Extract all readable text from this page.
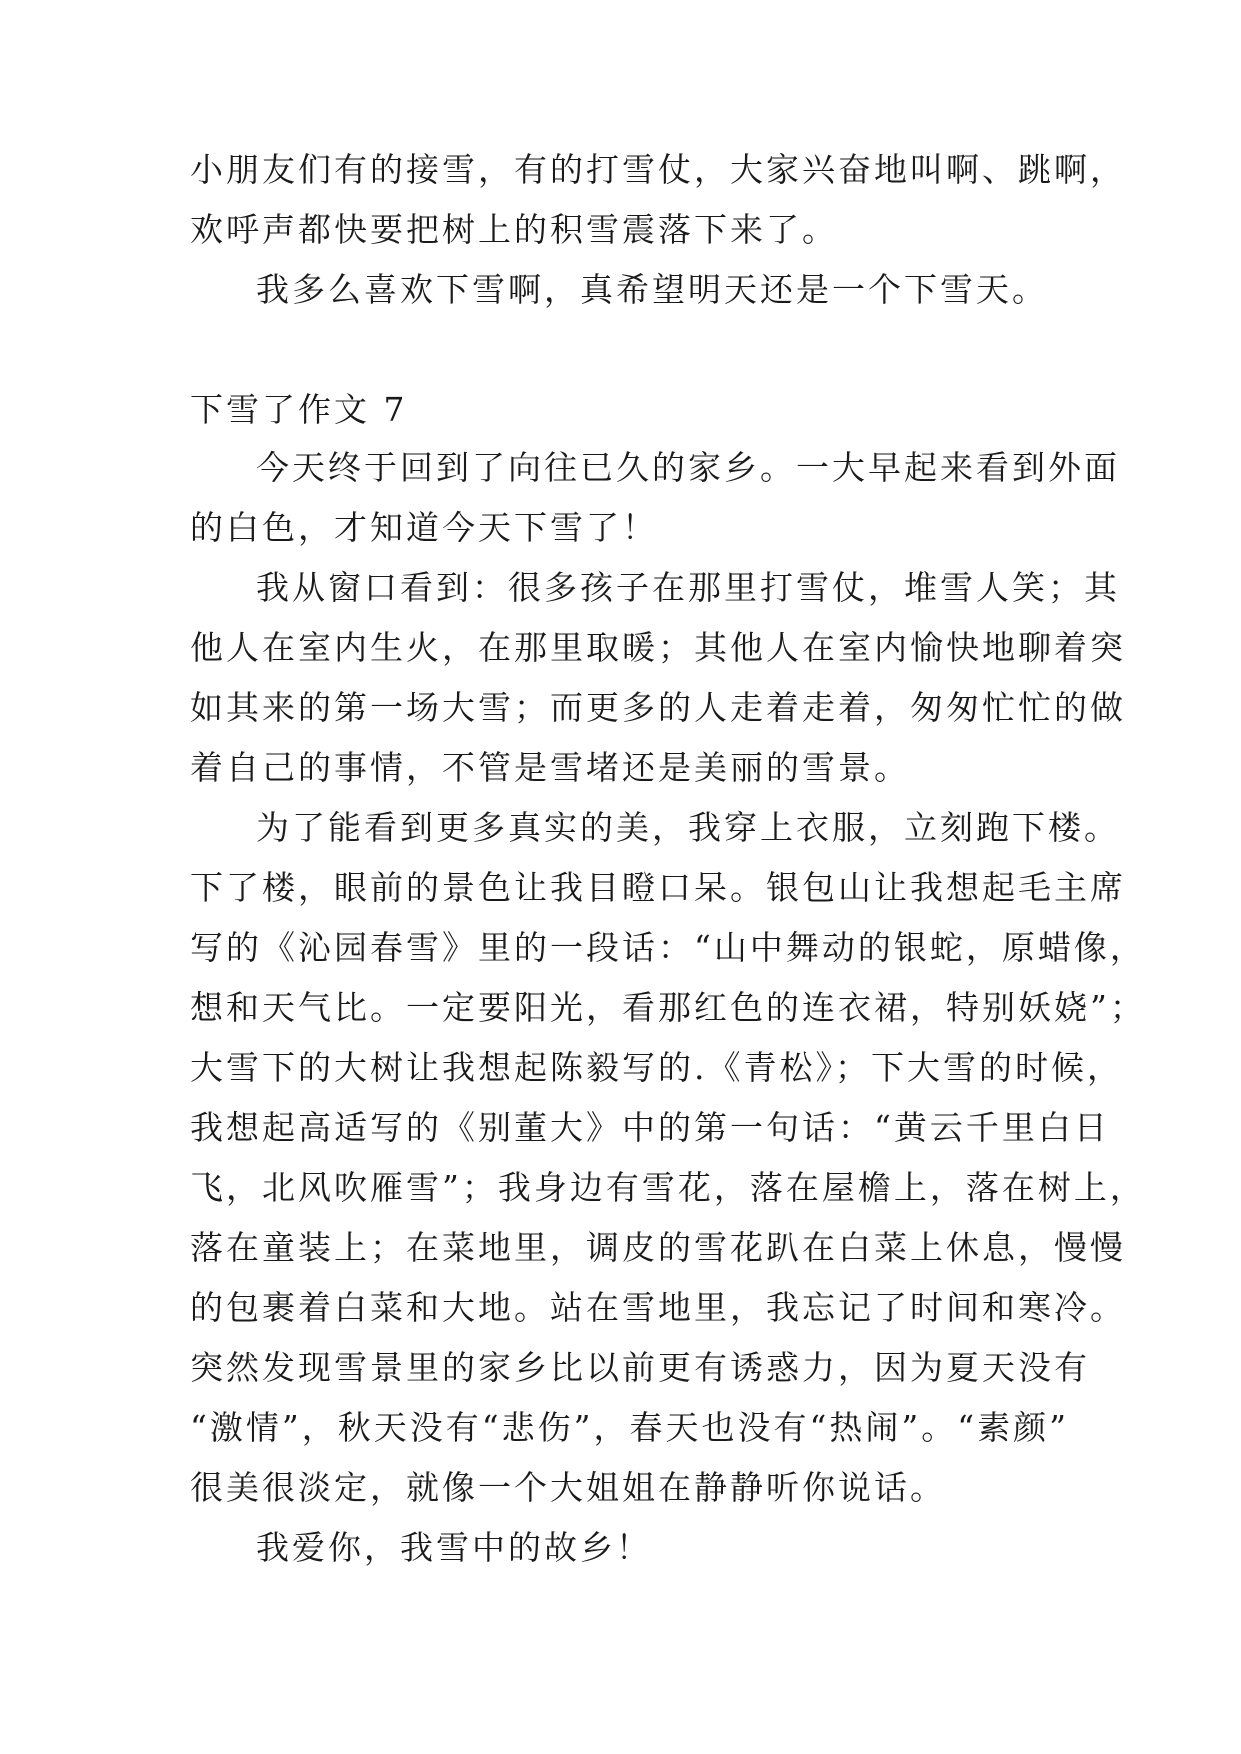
小朋友们有的接雪，有的打雪仗，大家兴奋地叫啊、跳啊，
欢呼声都快要把树上的积雪震落下来了。
我多么喜欢下雪啊，真希望明天还是一个下雪天。
下雪了作文 7
今天终于回到了向往已久的家乡。一大早起来看到外面
的白色，才知道今天下雪了！
我从窗口看到：很多孩子在那里打雪仗，堆雪人笑；其
他人在室内生火，在那里取暖；其他人在室内愉快地聊着突
如其来的第一场大雪；而更多的人走着走着，匆匆忙忙的做
着自己的事情，不管是雪堵还是美丽的雪景。
为了能看到更多真实的美，我穿上衣服，立刻跑下楼。
下了楼，眼前的景色让我目瞪口呆。银包山让我想起毛主席
写的《沁园春雪》里的一段话：“山中舞动的银蛇，原蜡像，
想和天气比。一定要阳光，看那红色的连衣裙，特别妖娆”；
大雪下的大树让我想起陈毅写的.《青松》；下大雪的时候，
我想起高适写的《别董大》中的第一句话：“黄云千里白日
飞，北风吹雁雪”；我身边有雪花，落在屋檐上，落在树上，
落在童装上；在菜地里，调皮的雪花趴在白菜上休息，慢慢
的包裹着白菜和大地。站在雪地里，我忘记了时间和寒冷。
突然发现雪景里的家乡比以前更有诱惑力，因为夏天没有
“激情”，秋天没有“悲伤”，春天也没有“热闹”。“素颜”
很美很淡定，就像一个大姐姐在静静听你说话。
我爱你，我雪中的故乡！
